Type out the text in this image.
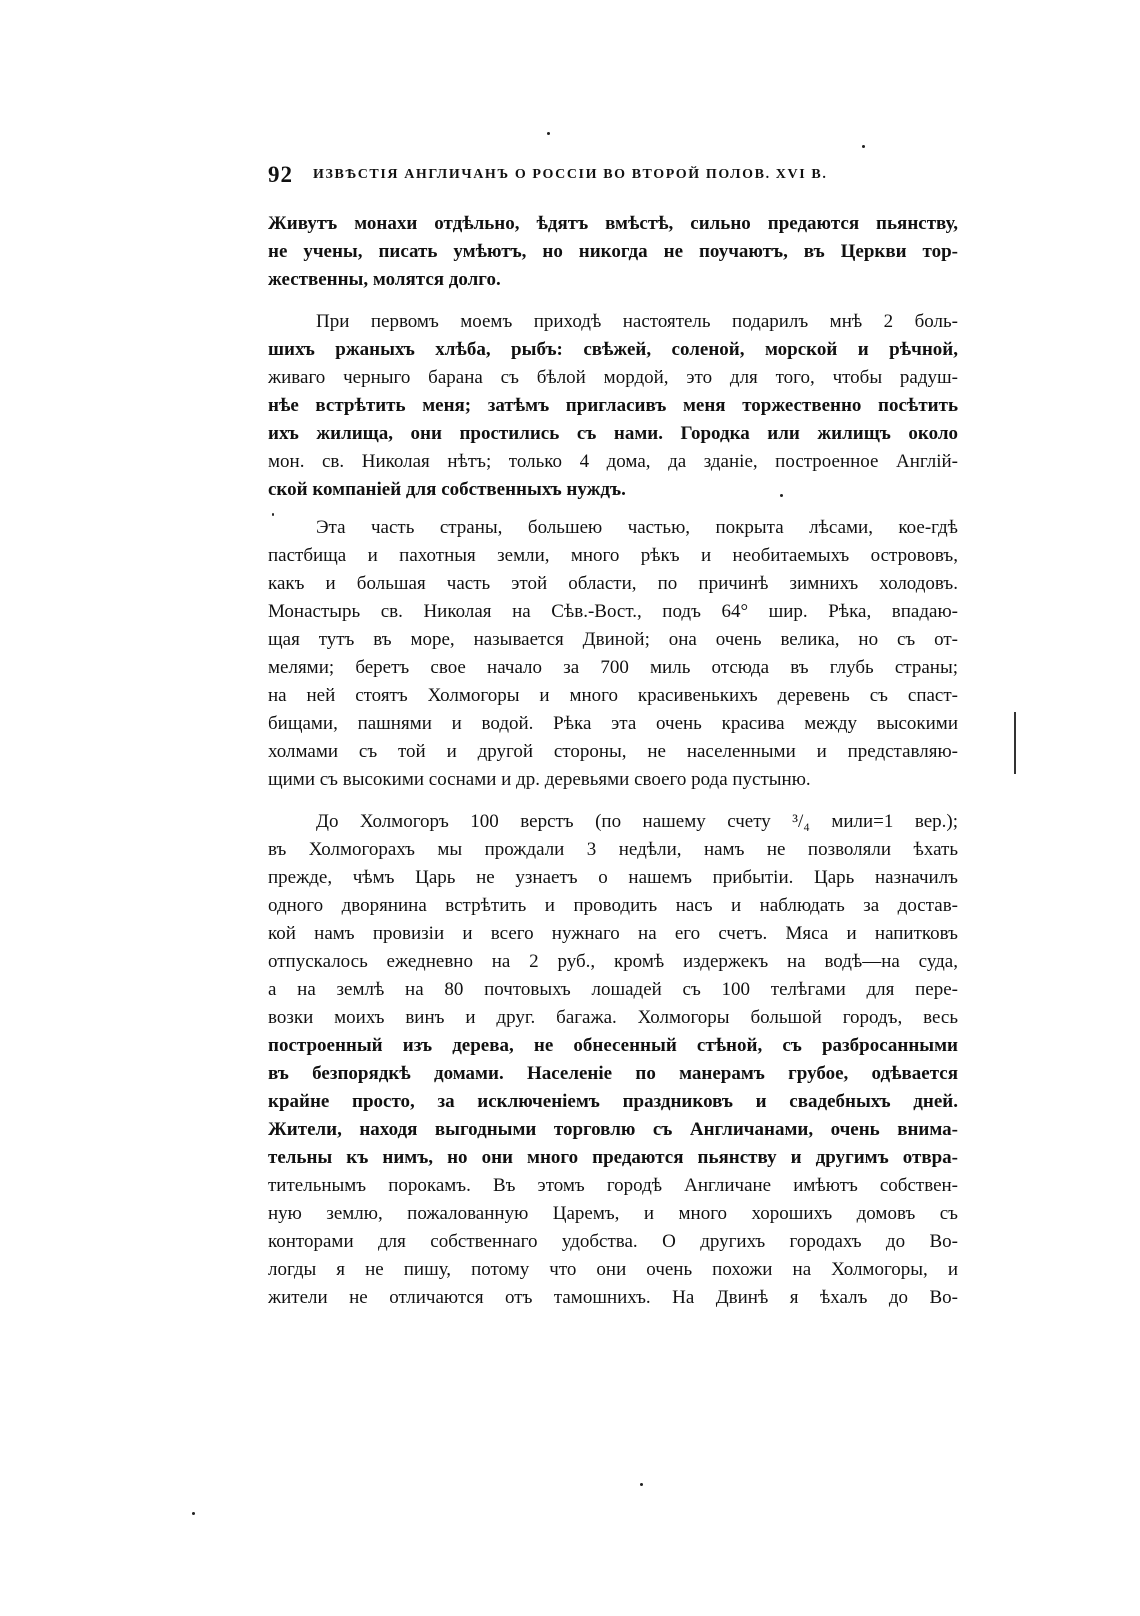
92 ИЗВѢСТІЯ АНГЛИЧАНЪ О РОССІИ ВО ВТОРОЙ ПОЛОВ. XVI В.
Живутъ монахи отдѣльно, ѣдятъ вмѣстѣ, сильно предаются пьянству,
не учены, писать умѣютъ, но никогда не поучаютъ, въ Церкви тор-
жественны, молятся долго.
При первомъ моемъ приходѣ настоятель подарилъ мнѣ 2 боль-
шихъ ржаныхъ хлѣба, рыбъ: свѣжей, соленой, морской и рѣчной,
живаго черныго барана съ бѣлой мордой, это для того, чтобы радуш-
нѣе встрѣтить меня; затѣмъ пригласивъ меня торжественно посѣтить
ихъ жилища, они простились съ нами. Городка или жилищъ около
мон. св. Николая нѣтъ; только 4 дома, да зданіе, построенное Англій-
ской компаніей для собственныхъ нуждъ.
Эта часть страны, большею частью, покрыта лѣсами, кое-гдѣ
пастбища и пахотныя земли, много рѣкъ и необитаемыхъ острововъ,
какъ и большая часть этой области, по причинѣ зимнихъ холодовъ.
Монастырь св. Николая на Сѣв.-Вост., подъ 64° шир. Рѣка, впадаю-
щая тутъ въ море, называется Двиной; она очень велика, но съ от-
мелями; беретъ свое начало за 700 миль отсюда въ глубь страны;
на ней стоятъ Холмогоры и много красивенькихъ деревень съ спаст-
бищами, пашнями и водой. Рѣка эта очень красива между высокими
холмами съ той и другой стороны, не населенными и представляю-
щими съ высокими соснами и др. деревьями своего рода пустыню.
До Холмогоръ 100 верстъ (по нашему счету ³/₄ мили=1 вер.);
въ Холмогорахъ мы прождали 3 недѣли, намъ не позволяли ѣхать
прежде, чѣмъ Царь не узнаетъ о нашемъ прибытіи. Царь назначилъ
одного дворянина встрѣтить и проводить насъ и наблюдать за достав-
кой намъ провизіи и всего нужнаго на его счетъ. Мяса и напитковъ
отпускалось ежедневно на 2 руб., кромѣ издержекъ на водѣ—на суда,
а на землѣ на 80 почтовыхъ лошадей съ 100 телѣгами для пере-
возки моихъ винъ и друг. багажа. Холмогоры большой городъ, весь
построенный изъ дерева, не обнесенный стѣной, съ разбросанными
въ безпорядкѣ домами. Населеніе по манерамъ грубое, одѣвается
крайне просто, за исключеніемъ праздниковъ и свадебныхъ дней.
Жители, находя выгодными торговлю съ Англичанами, очень внима-
тельны къ нимъ, но они много предаются пьянству и другимъ отвра-
тительнымъ порокамъ. Въ этомъ городѣ Англичане имѣютъ собствен-
ную землю, пожалованную Царемъ, и много хорошихъ домовъ съ
конторами для собственнаго удобства. О другихъ городахъ до Во-
логды я не пишу, потому что они очень похожи на Холмогоры, и
жители не отличаются отъ тамошнихъ. На Двинѣ я ѣхалъ до Во-
